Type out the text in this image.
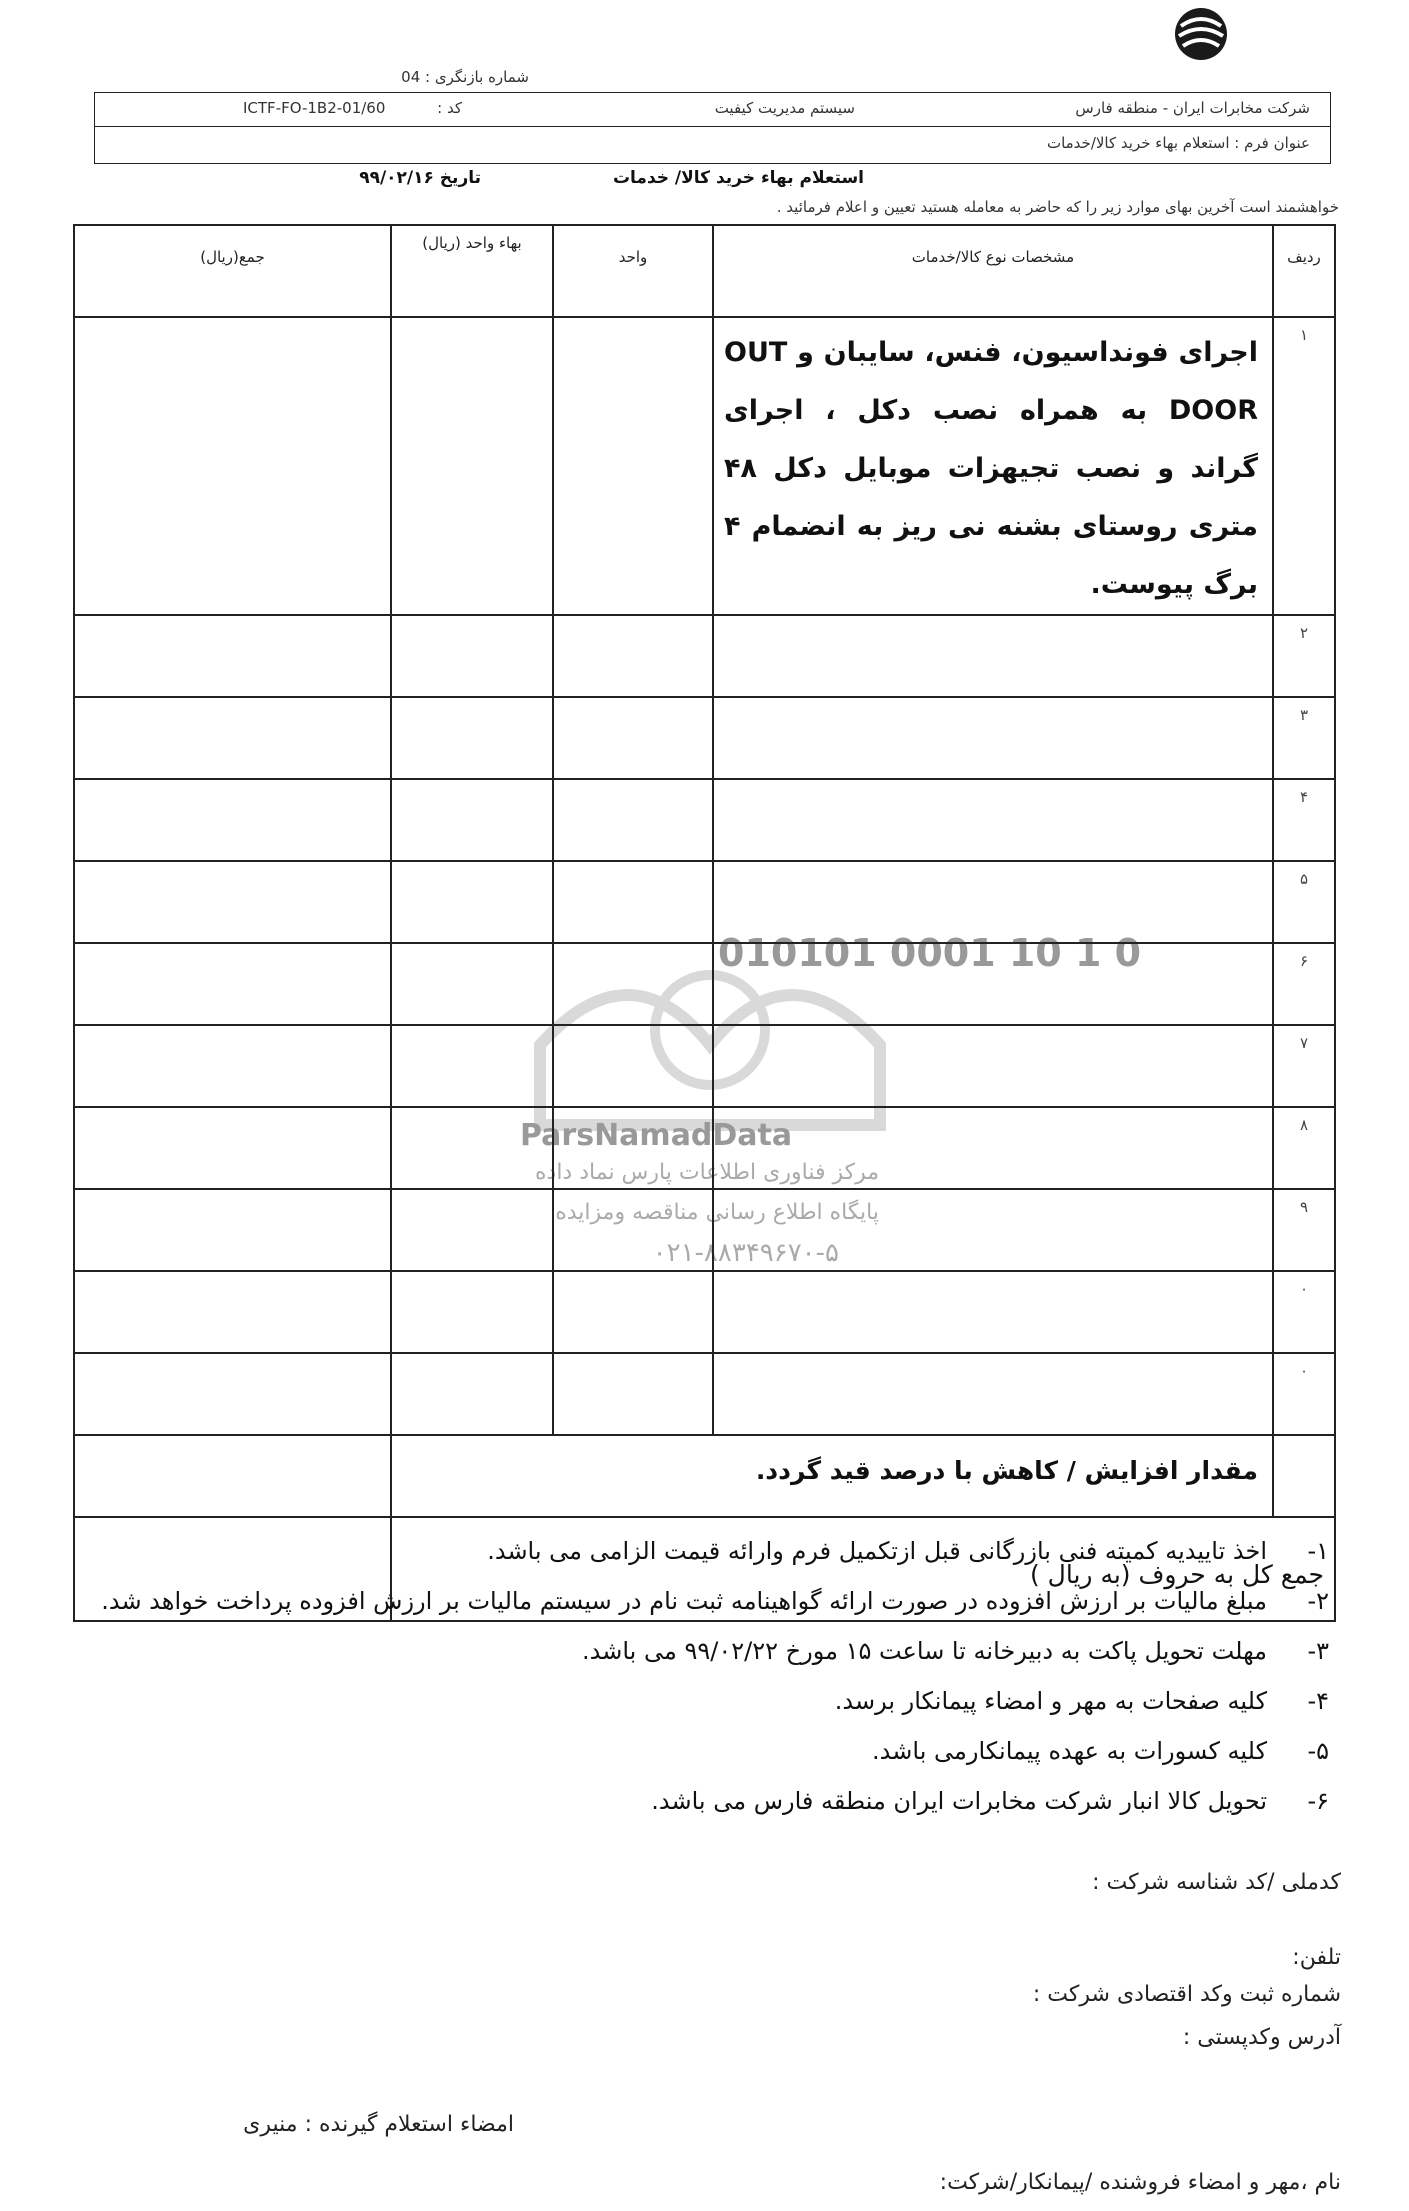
شماره بازنگری : 04
شرکت مخابرات ایران - منطقه فارس
سیستم مدیریت کیفیت
کد :
ICTF-FO-1B2-01/60
عنوان فرم : استعلام بهاء خرید کالا/خدمات
استعلام بهاء خرید کالا/ خدمات
تاریخ ۹۹/۰۲/۱۶
خواهشمند است آخرین بهای موارد زیر را که حاضر به معامله هستید تعیین و اعلام فرمائید .
010101 0001 10 1 0
ParsNamadData
مرکز فناوری اطلاعات پارس نماد داده
پایگاه اطلاع رسانی مناقصه ومزایده
۰۲۱-۸۸۳۴۹۶۷۰-۵
ردیف	مشخصات نوع کالا/خدمات	واحد	بهاء واحد (ریال)	جمع(ریال)
۱	اجرای فونداسیون، فنس، سایبان و OUT DOOR به همراه نصب دکل ، اجرای گراند و نصب تجیهزات موبایل دکل ۴۸ متری روستای بشنه نی ریز به انضمام ۴ برگ پیوست.			
۲				
۳				
۴				
۵				
۶				
۷				
۸				
۹				
۰				
۰				
	مقدار افزایش / کاهش با درصد قید گردد.			
جمع کل به حروف (به ریال )				
۱-
اخذ تاییدیه کمیته فنی بازرگانی قبل ازتکمیل فرم وارائه قیمت الزامی می باشد.
۲-
مبلغ مالیات بر ارزش افزوده در صورت ارائه گواهینامه ثبت نام در سیستم مالیات بر ارزش افزوده پرداخت خواهد شد.
۳-
مهلت تحویل پاکت به دبیرخانه تا ساعت ۱۵ مورخ ۹۹/۰۲/۲۲ می باشد.
۴-
کلیه صفحات به مهر و امضاء پیمانکار برسد.
۵-
کلیه کسورات به عهده پیمانکارمی باشد.
۶-
تحویل کالا انبار شرکت مخابرات ایران منطقه فارس می باشد.
کدملی /کد شناسه شرکت :
تلفن:
شماره ثبت وکد اقتصادی شرکت :
آدرس وکدپستی :
امضاء استعلام گیرنده : منیری
نام ،مهر و امضاء فروشنده /پیمانکار/شرکت:
